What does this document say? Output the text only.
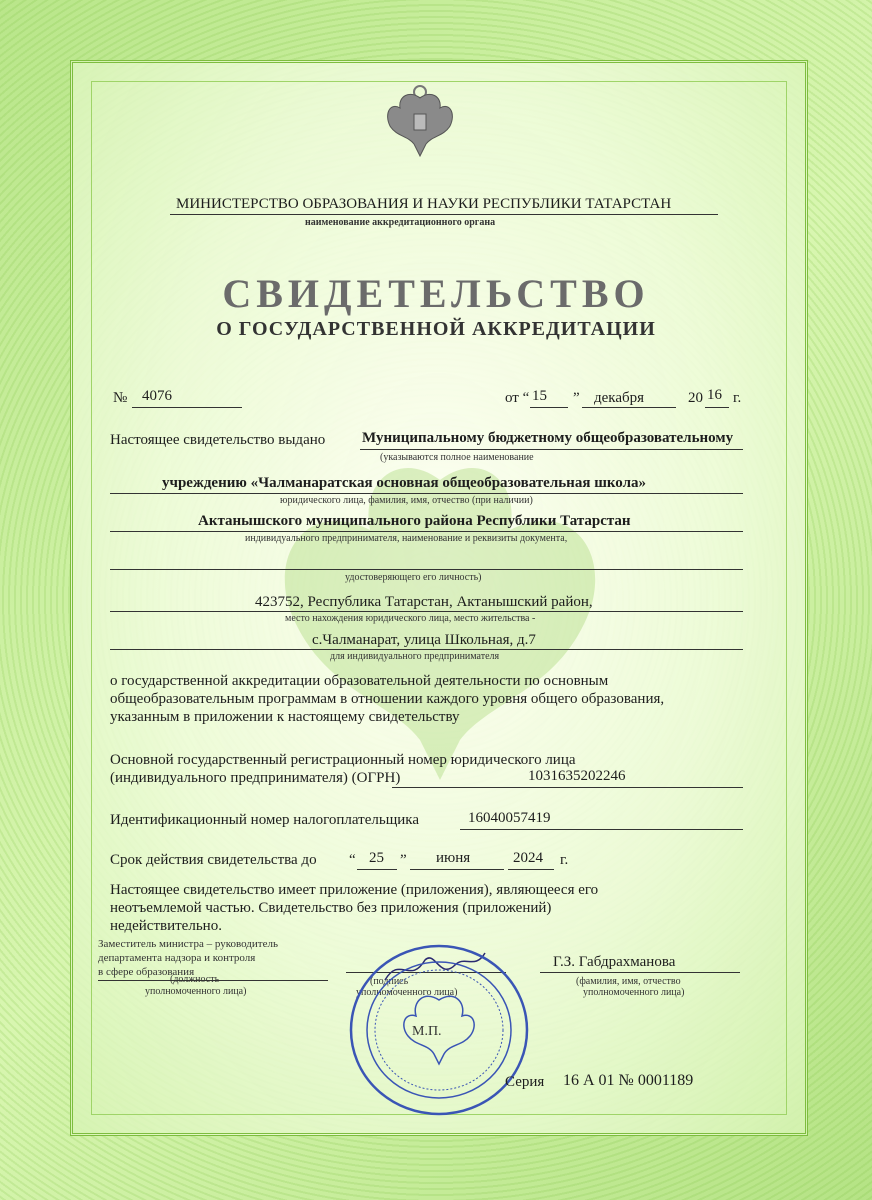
МИНИСТЕРСТВО ОБРАЗОВАНИЯ И НАУКИ РЕСПУБЛИКИ ТАТАРСТАН
наименование аккредитационного органа
СВИДЕТЕЛЬСТВО
О ГОСУДАРСТВЕННОЙ АККРЕДИТАЦИИ
№ 4076	от “ 15 ” декабря	20 16 г.
Настоящее свидетельство выдано Муниципальному бюджетному общеобразовательному
(указываются полное наименование
учреждению «Чалманаратская основная общеобразовательная школа»
юридического лица, фамилия, имя, отчество (при наличии)
Актанышского муниципального района Республики Татарстан
индивидуального предпринимателя, наименование и реквизиты документа,
удостоверяющего его личность)
423752, Республика Татарстан, Актанышский район,
место нахождения юридического лица, место жительства -
с.Чалманарат, улица Школьная, д.7
для индивидуального предпринимателя
о государственной аккредитации образовательной деятельности по основным
общеобразовательным программам в отношении каждого уровня общего образования,
указанным в приложении к настоящему свидетельству
Основной государственный регистрационный номер юридического лица
(индивидуального предпринимателя) (ОГРН)	1031635202246
Идентификационный номер налогоплательщика	16040057419
Срок действия свидетельства до “ 25 ” июня	2024 г.
Настоящее свидетельство имеет приложение (приложения), являющееся его
неотъемлемой частью. Свидетельство без приложения (приложений)
недействительно.
Заместитель министра – руководитель
департамента надзора и контроля
в сфере образования
(должность
уполномоченного лица)
(подпись
уполномоченного лица)
Г.З. Габдрахманова
(фамилия, имя, отчество
уполномоченного лица)
М.П.
Серия 16 А 01 № 0001189
